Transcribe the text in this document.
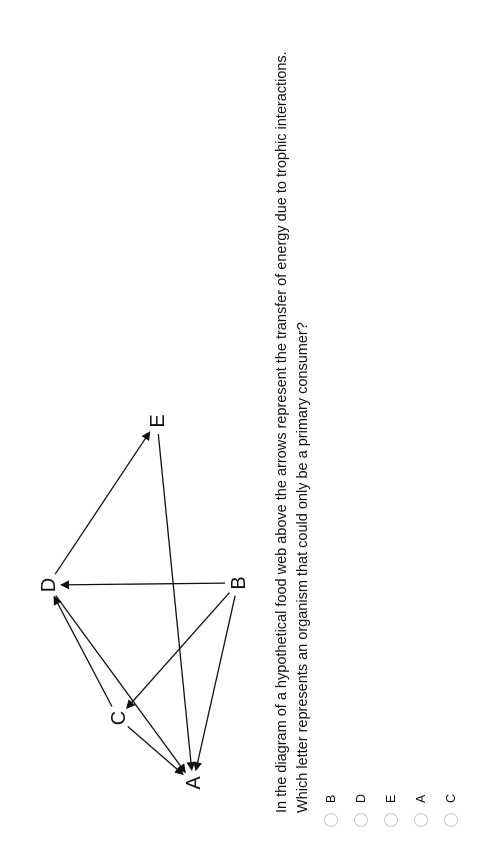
A
B
C
D
E	In the diagram of a hypothetical food web above the arrows represent the transfer of energy due to trophic interactions. Which letter represents an organism that could only be a primary consumer? B D E A C
